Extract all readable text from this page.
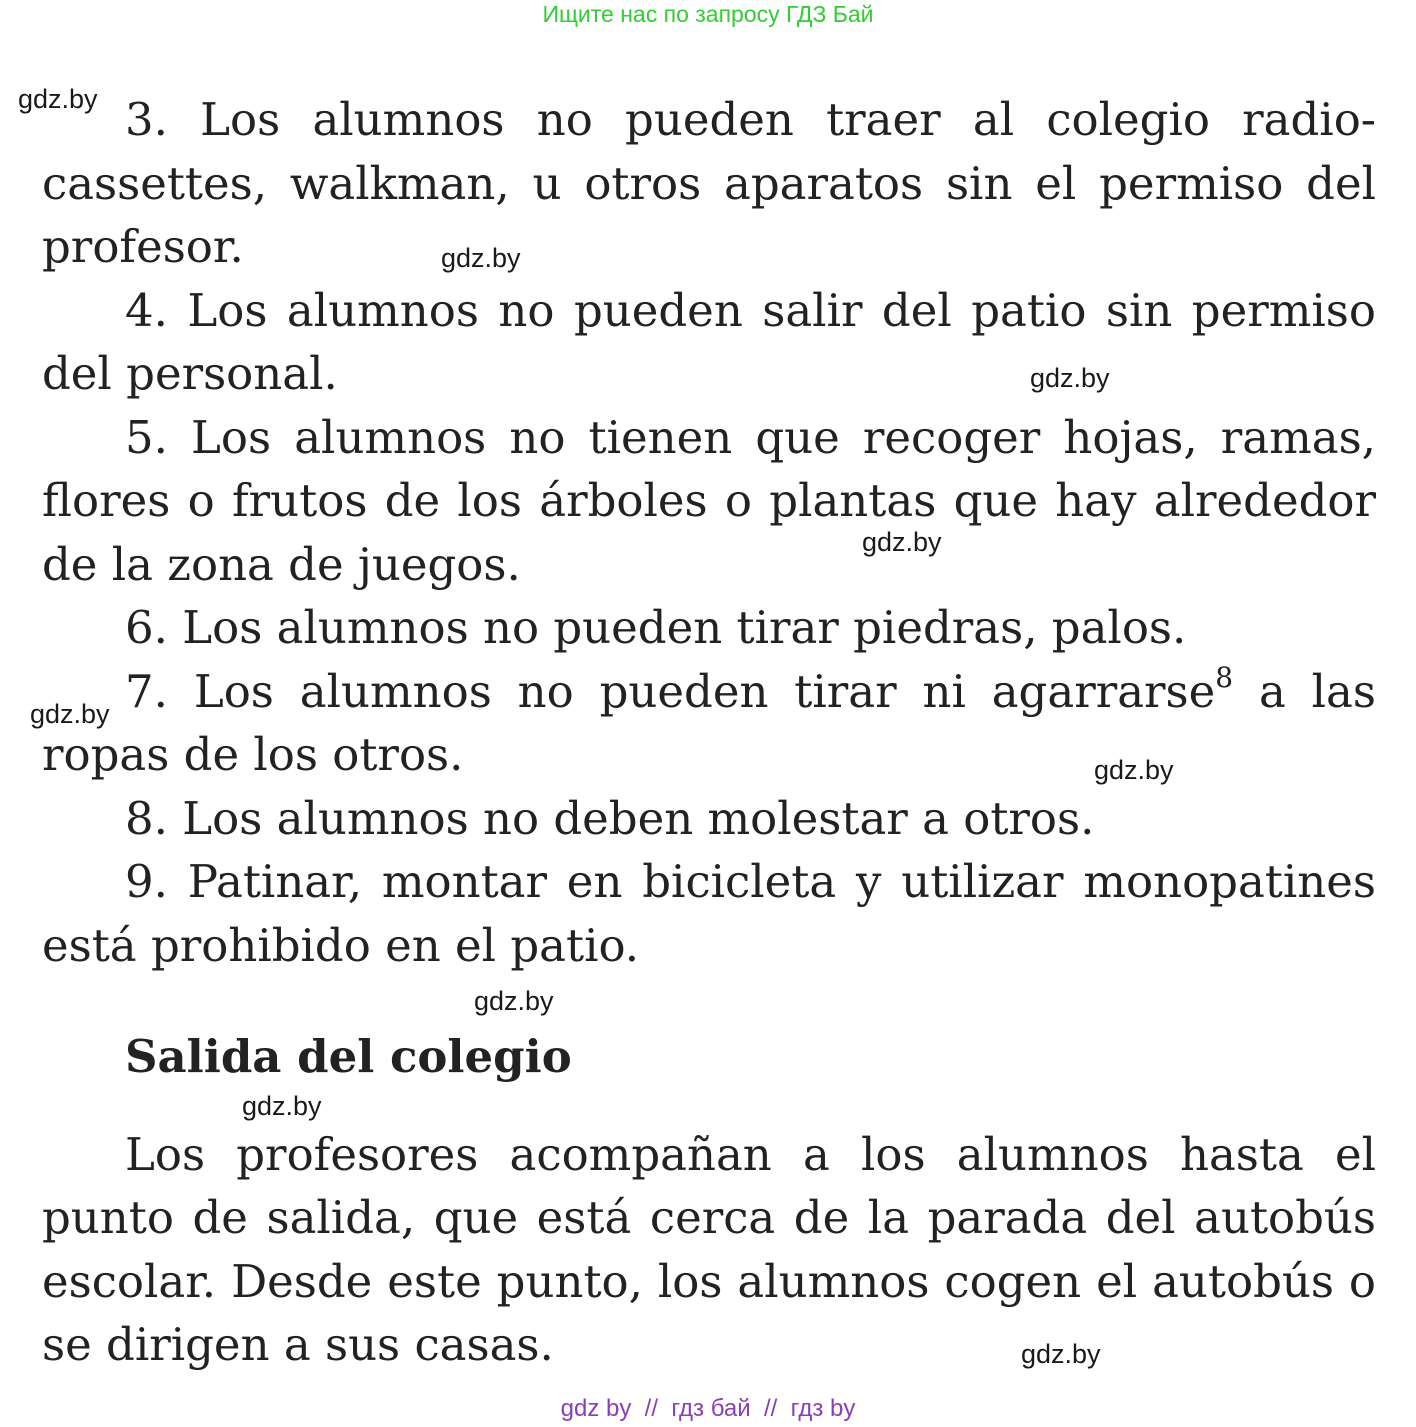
Ищите нас по запросу ГДЗ Бай

3. Los alumnos no pueden traer al colegio radio-cassettes, walkman, u otros aparatos sin el permiso del profesor.

4. Los alumnos no pueden salir del patio sin permiso del personal.

5. Los alumnos no tienen que recoger hojas, ramas, flores o frutos de los árboles o plantas que hay alrededor de la zona de juegos.

6. Los alumnos no pueden tirar piedras, palos.

7. Los alumnos no pueden tirar ni agarrarse$^8$ a las ropas de los otros.

8. Los alumnos no deben molestar a otros.

9. Patinar, montar en bicicleta y utilizar monopatines está prohibido en el patio.

Salida del colegio

Los profesores acompañan a los alumnos hasta el punto de salida, que está cerca de la parada del autobús escolar. Desde este punto, los alumnos cogen el autobús o se dirigen a sus casas.

gdz.by
gdz.by
gdz.by
gdz.by
gdz.by
gdz.by
gdz.by
gdz.by
gdz.by
gdz by  //  гдз бай  //  гдз by
